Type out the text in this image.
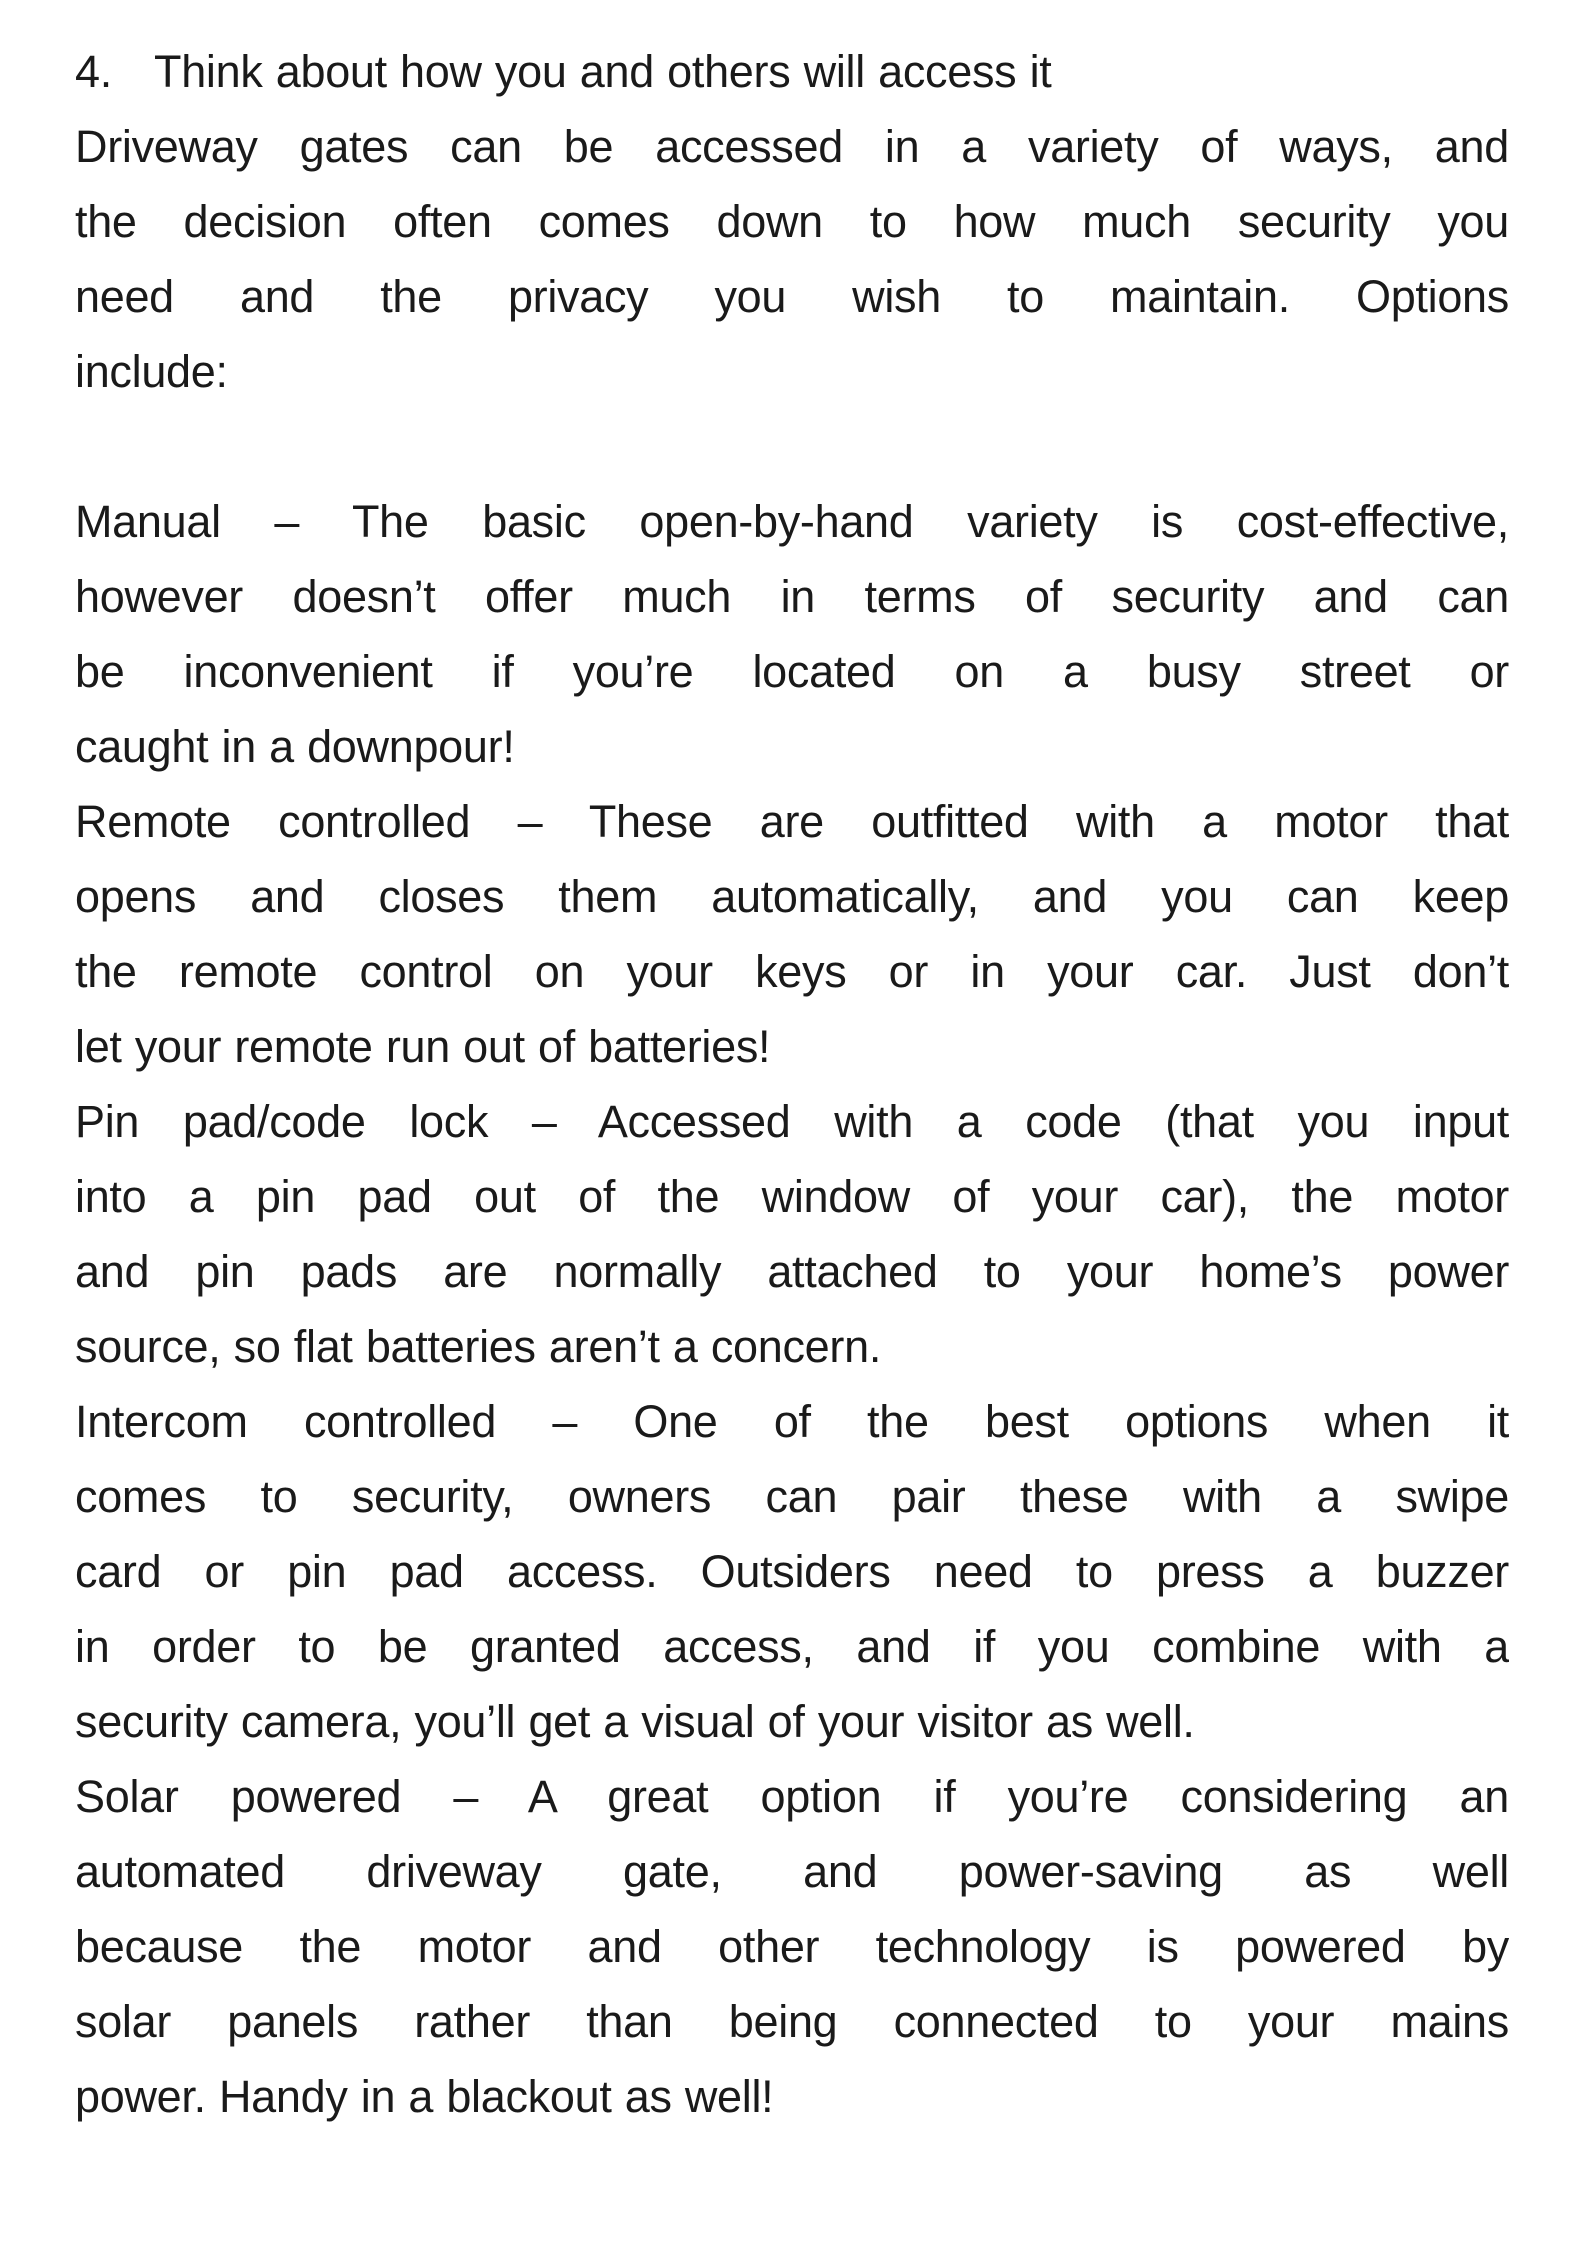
4. Think about how you and others will access it
Driveway gates can be accessed in a variety of ways, and
the decision often comes down to how much security you
need and the privacy you wish to maintain. Options
include:
Manual – The basic open-by-hand variety is cost-effective,
however doesn’t offer much in terms of security and can
be inconvenient if you’re located on a busy street or
caught in a downpour!
Remote controlled – These are outfitted with a motor that
opens and closes them automatically, and you can keep
the remote control on your keys or in your car. Just don’t
let your remote run out of batteries!
Pin pad/code lock – Accessed with a code (that you input
into a pin pad out of the window of your car), the motor
and pin pads are normally attached to your home’s power
source, so flat batteries aren’t a concern.
Intercom controlled – One of the best options when it
comes to security, owners can pair these with a swipe
card or pin pad access. Outsiders need to press a buzzer
in order to be granted access, and if you combine with a
security camera, you’ll get a visual of your visitor as well.
Solar powered – A great option if you’re considering an
automated driveway gate, and power-saving as well
because the motor and other technology is powered by
solar panels rather than being connected to your mains
power. Handy in a blackout as well!
